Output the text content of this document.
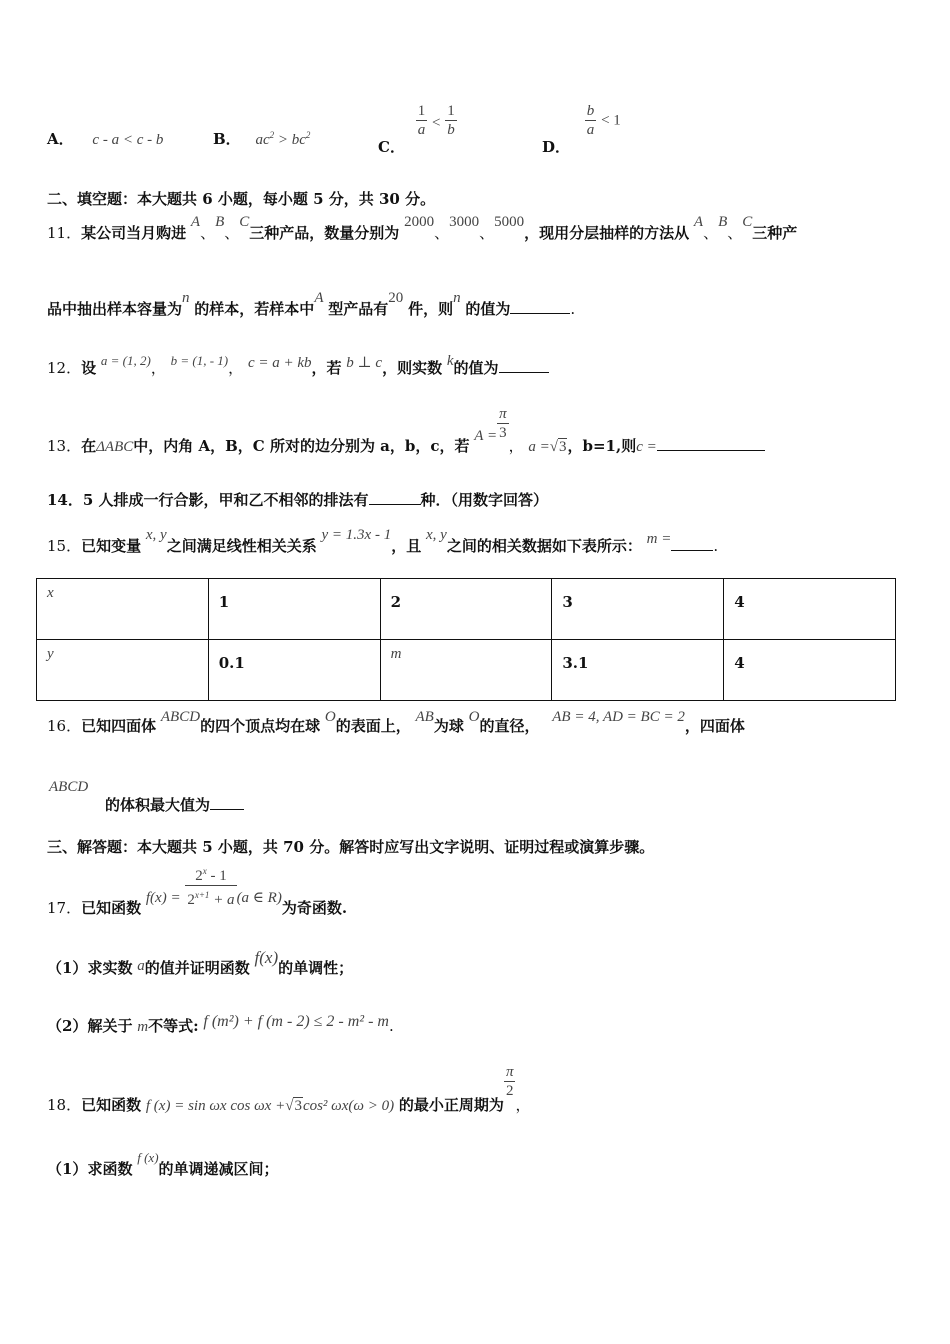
A． c - a < c - b	B． $ac^2 > bc^2$
C．
$\frac{1}{a} < \frac{1}{b}$
D．
$\frac{b}{a} < 1$
二、填空题：本大题共 6 小题，每小题 5 分，共 30 分。
11．某公司当月购进 A、B、C三种产品，数量分别为 2000、3000、5000，现用分层抽样的方法从 A、B、C三种产
品中抽出样本容量为n 的样本，若样本中A 型产品有20 件，则n 的值为	.
12．设 a = (1, 2)， b = (1, - 1)， c = a + kb，若 b ⊥ c，则实数 k的值为
13．在ΔABC中，内角 A，B，C 所对的边分别为 a，b，c，若 $A = \frac{\pi}{3}$
， a =√3，b=1,则c =
14．5 人排成一行合影，甲和乙不相邻的排法有	种．（用数字回答）
15．已知变量 x, y之间满足线性相关关系 y = 1.3x - 1，且 x, y之间的相关数据如下表所示： m =	.
x	1	2	3	4
y	0.1	m	3.1	4
16．已知四面体 ABCD的四个顶点均在球 O的表面上， AB为球 O的直径， AB = 4, AD = BC = 2，四面体
ABCD
的体积最大值为
三、解答题：本大题共 5 小题，共 70 分。解答时应写出文字说明、证明过程或演算步骤。
17．已知函数 $f(x) = \frac{2^x - 1}{2^{x+1} + a} (a$ ∈ R)为奇函数.
（1）求实数 a的值并证明函数 f(x)的单调性；
（2）解关于 m不等式: f (m²) + f (m - 2) ≤ 2 - m² - m.
18．已知函数 f (x) = sin ωx cos ωx +√3cos² ωx(ω > 0) 的最小正周期为
$\frac{\pi}{2}$
，
（1）求函数 f (x)的单调递减区间；
